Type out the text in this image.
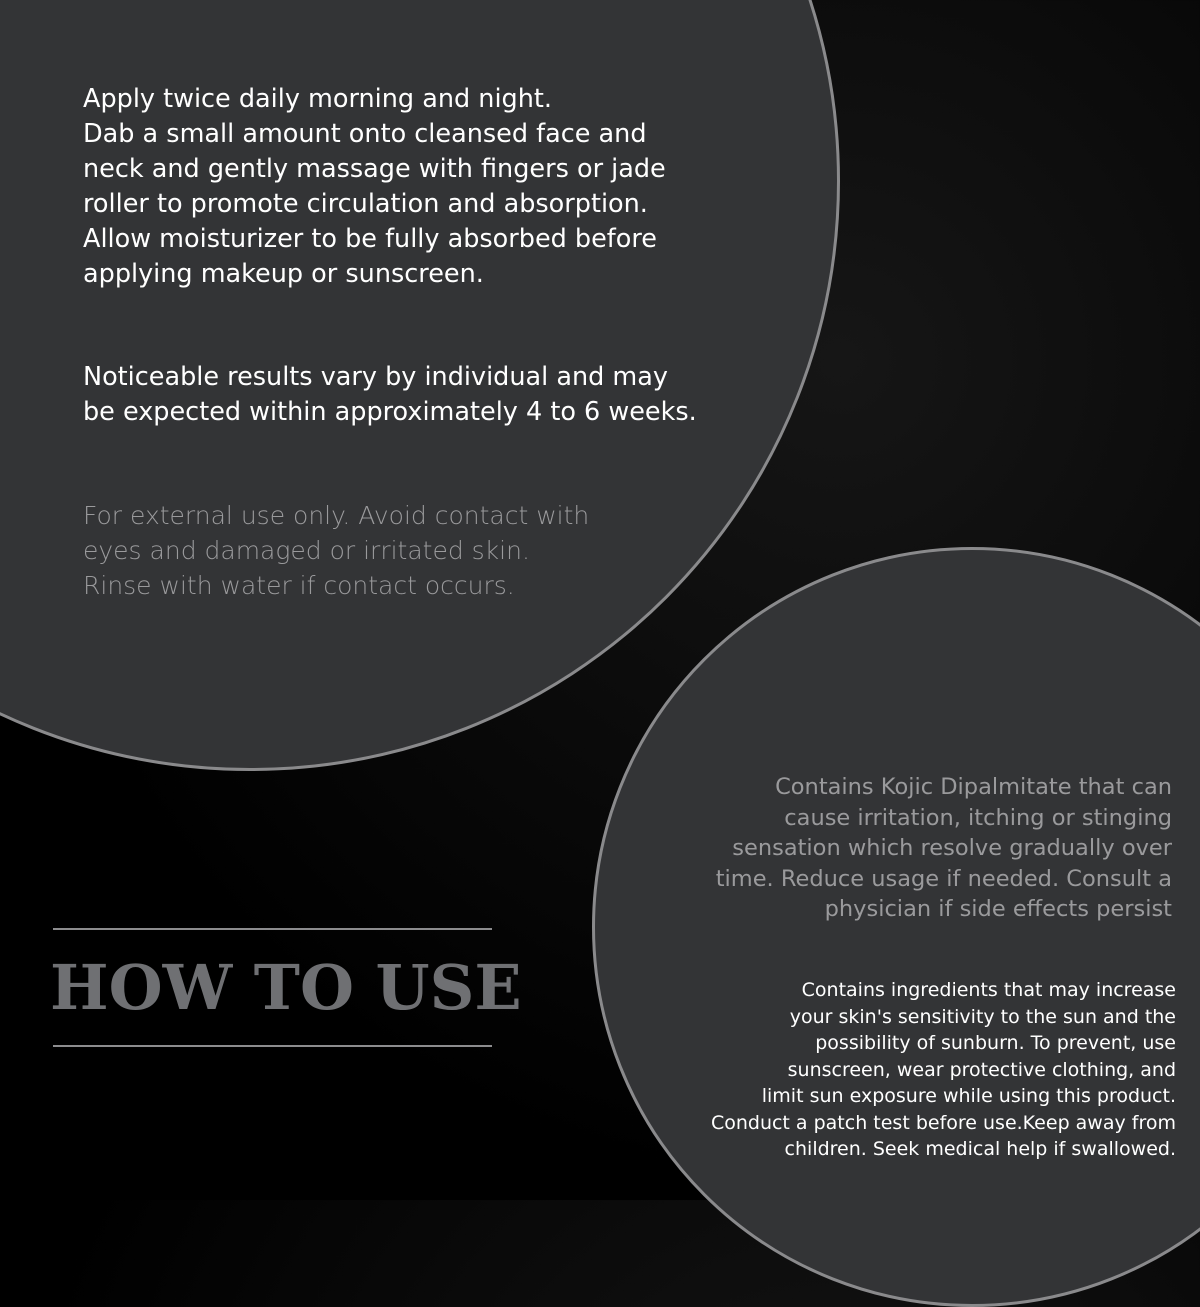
Apply twice daily morning and night.
Dab a small amount onto cleansed face and
neck and gently massage with fingers or jade
roller to promote circulation and absorption.
Allow moisturizer to be fully absorbed before
applying makeup or sunscreen.

Noticeable results vary by individual and may
be expected within approximately 4 to 6 weeks.

For external use only. Avoid contact with
eyes and damaged or irritated skin.
Rinse with water if contact occurs.

Contains Kojic Dipalmitate that can
cause irritation, itching or stinging
sensation which resolve gradually over
time. Reduce usage if needed. Consult a
physician if side effects persist

Contains ingredients that may increase
your skin's sensitivity to the sun and the
possibility of sunburn. To prevent, use
sunscreen, wear protective clothing, and
limit sun exposure while using this product.
Conduct a patch test before use.Keep away from
children. Seek medical help if swallowed.

HOW TO USE
